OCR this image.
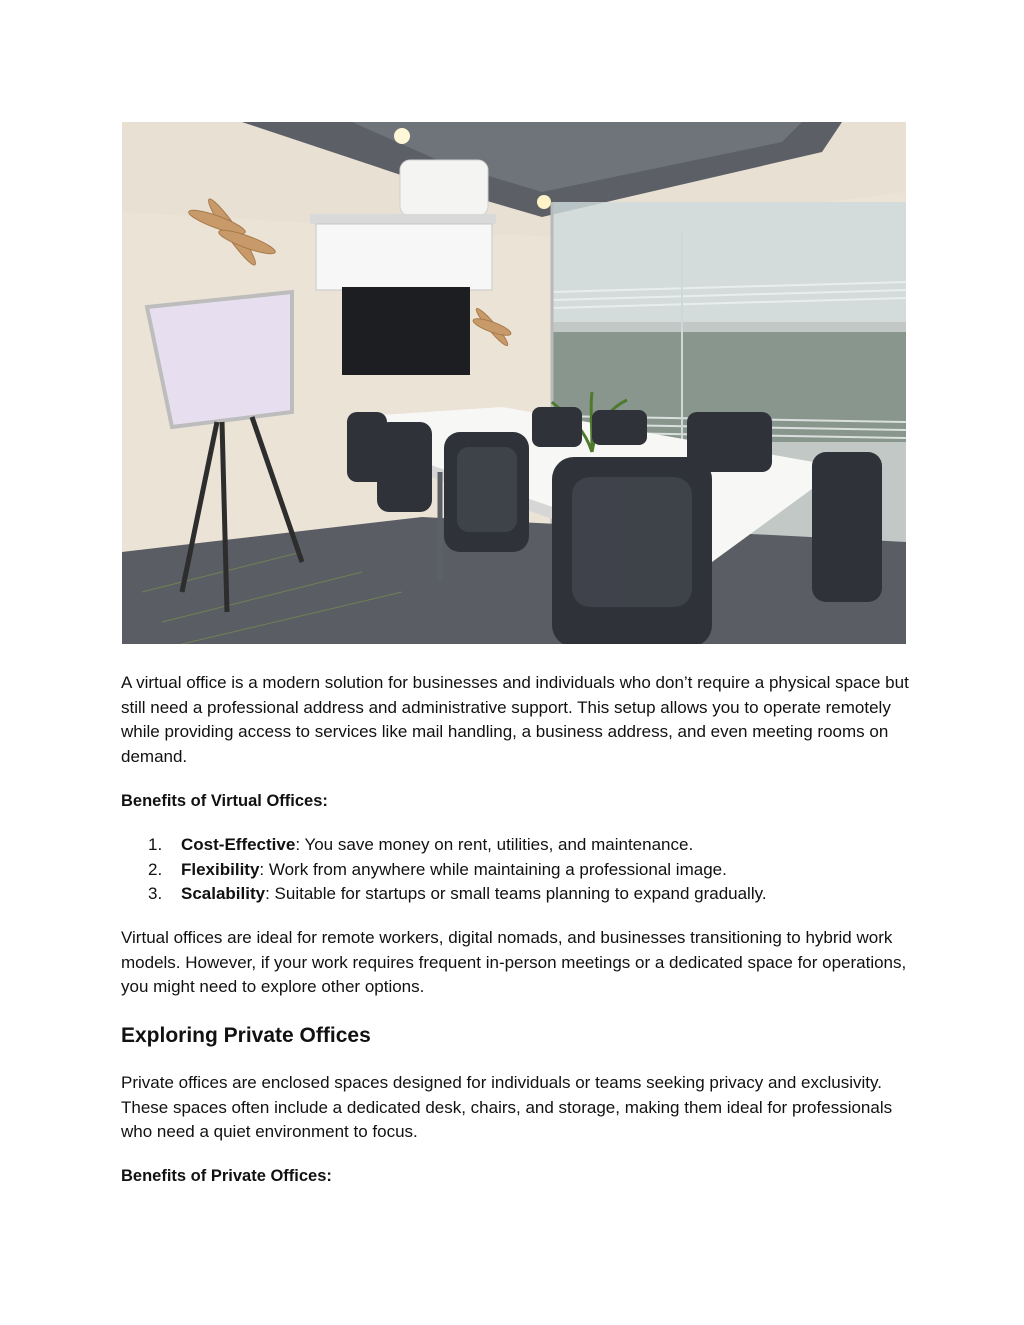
A virtual office is a modern solution for businesses and individuals who don’t require a physical space but still need a professional address and administrative support. This setup allows you to operate remotely while providing access to services like mail handling, a business address, and even meeting rooms on demand.

Benefits of Virtual Offices:

1. Cost-Effective: You save money on rent, utilities, and maintenance.
2. Flexibility: Work from anywhere while maintaining a professional image.
3. Scalability: Suitable for startups or small teams planning to expand gradually.

Virtual offices are ideal for remote workers, digital nomads, and businesses transitioning to hybrid work models. However, if your work requires frequent in-person meetings or a dedicated space for operations, you might need to explore other options.

Exploring Private Offices

Private offices are enclosed spaces designed for individuals or teams seeking privacy and exclusivity. These spaces often include a dedicated desk, chairs, and storage, making them ideal for professionals who need a quiet environment to focus.

Benefits of Private Offices:
